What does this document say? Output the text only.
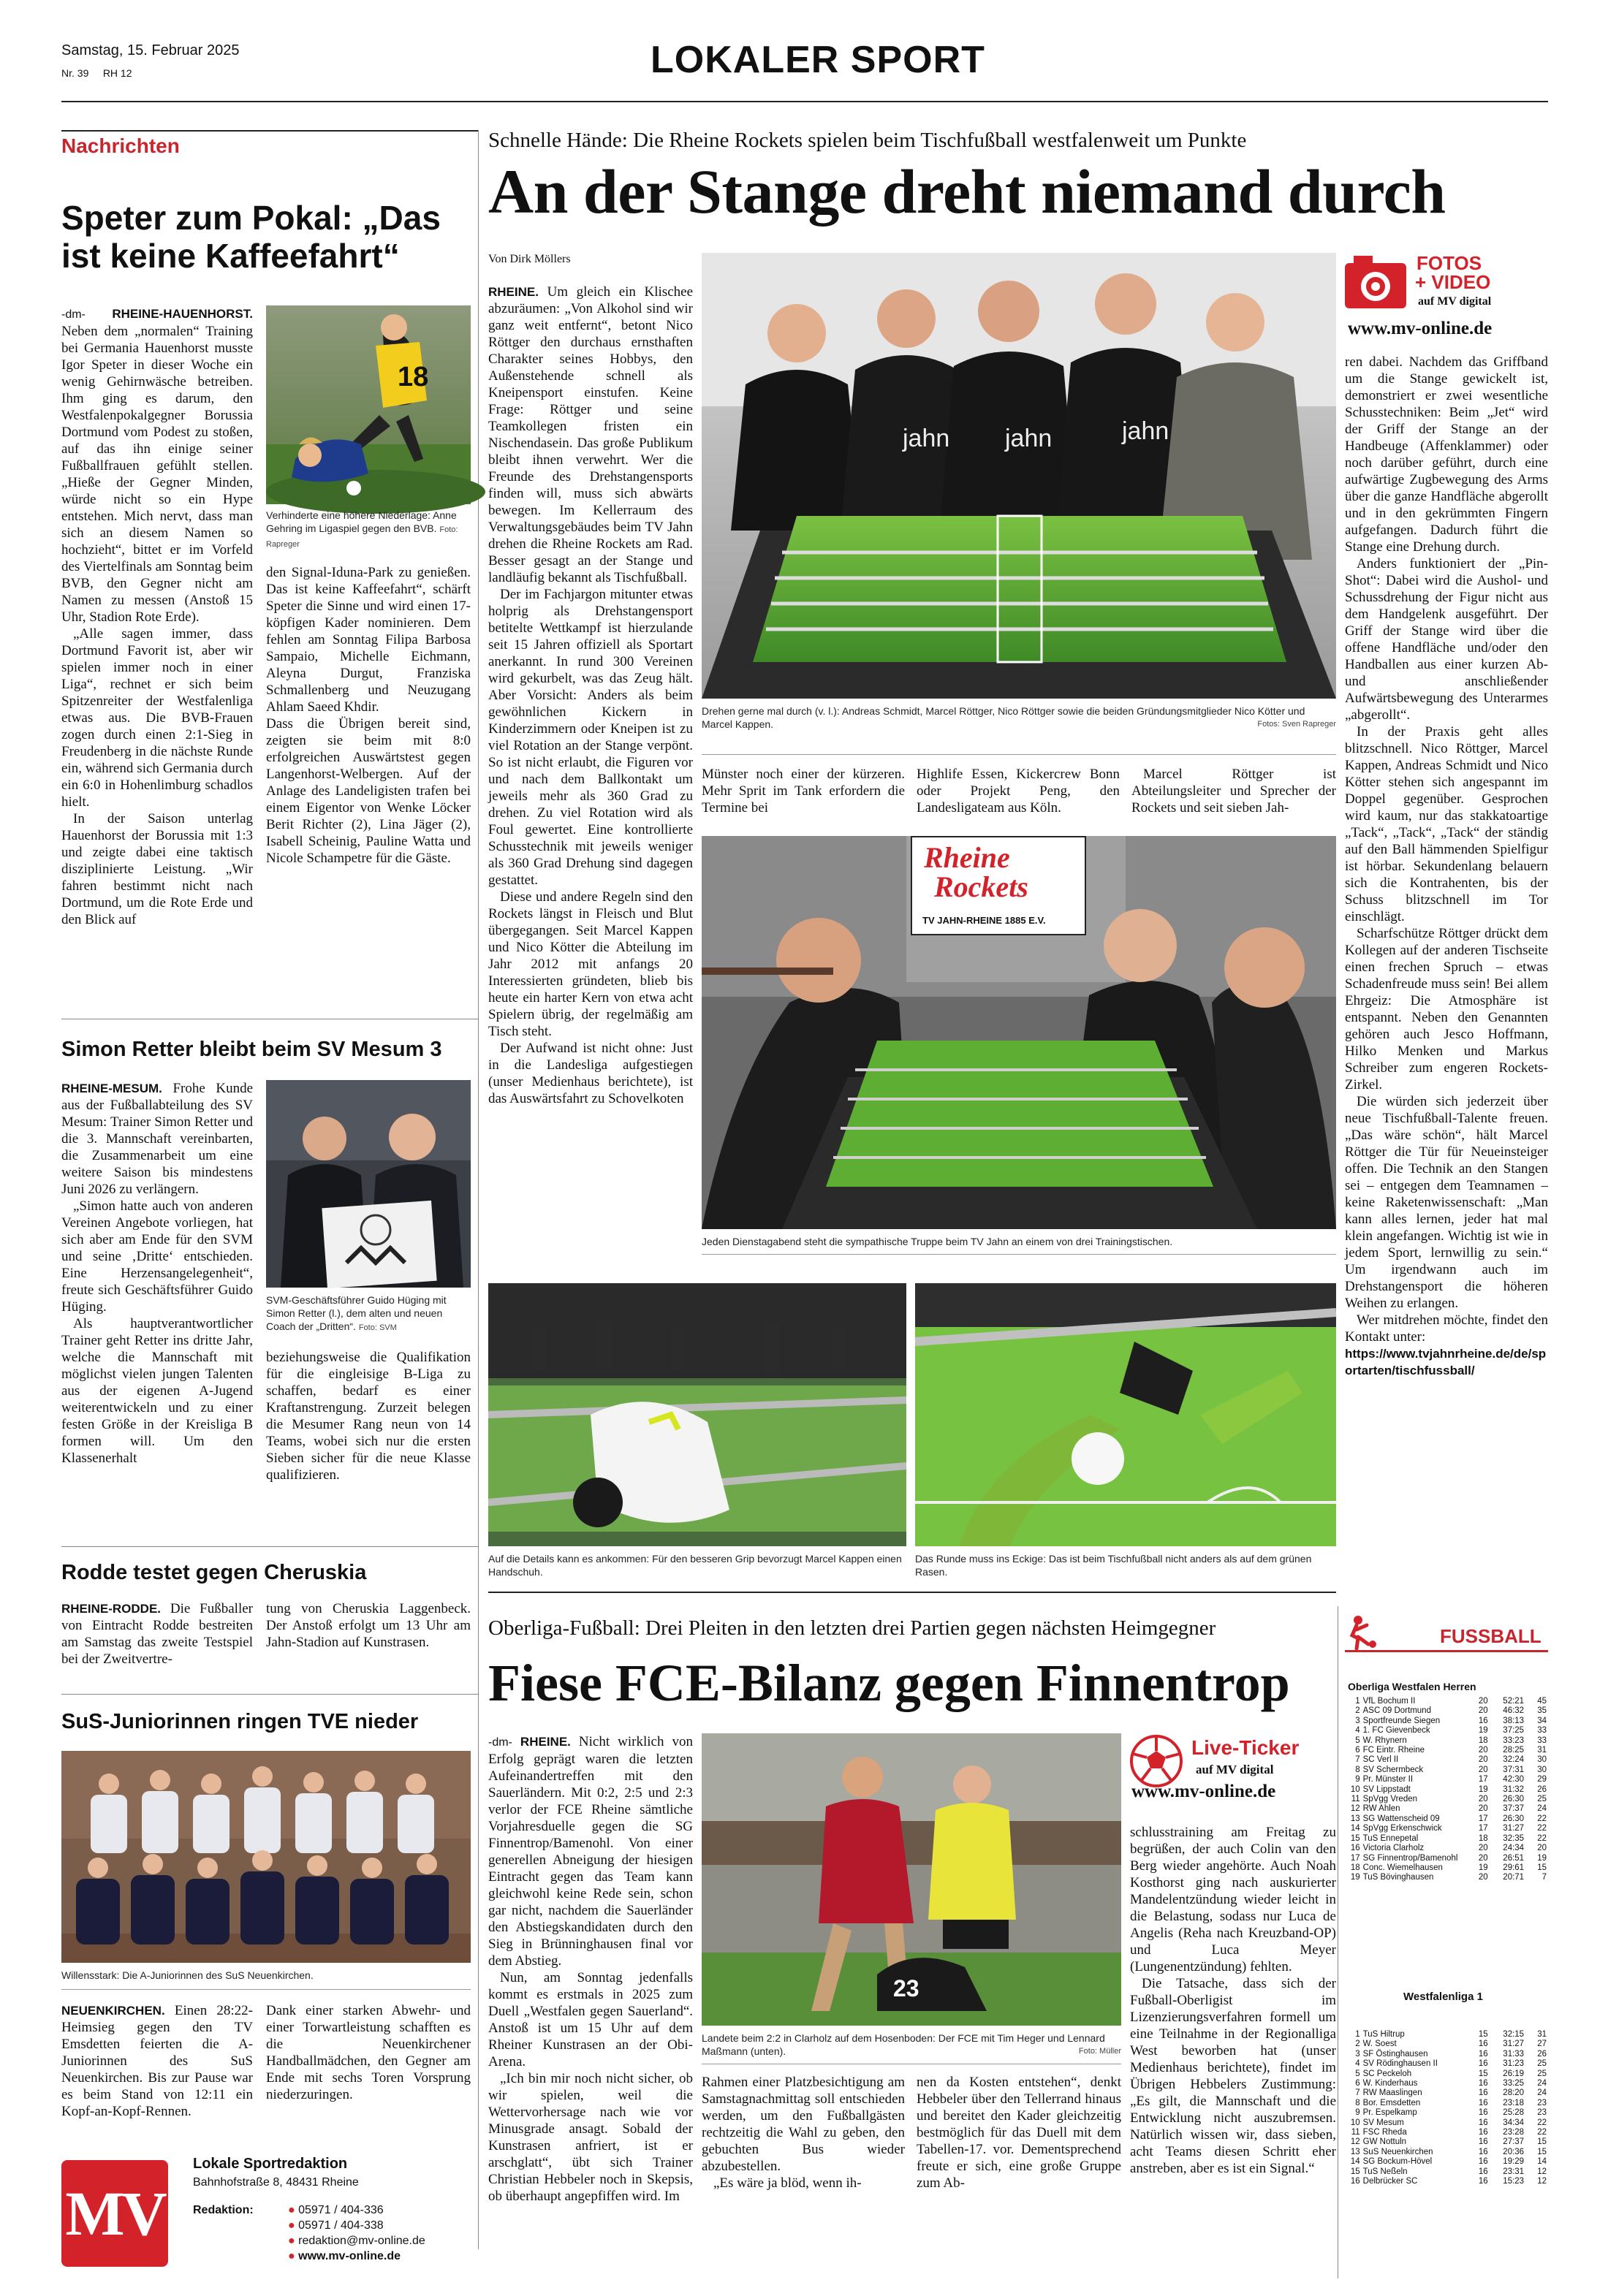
Samstag, 15. Februar 2025
Nr. 39 RH 12	LOKALER SPORT
Nachrichten
Speter zum Pokal: „Das ist keine Kaffeefahrt“

-dm- RHEINE-HAUENHORST. Neben dem „normalen“ Training bei Germania Hauenhorst musste Igor Speter in dieser Woche ein wenig Gehirnwäsche betreiben. Ihm ging es darum, den Westfalenpokalgegner Borussia Dortmund vom Podest zu stoßen, auf das ihn einige seiner Fußballfrauen gefühlt stellen. „Hieße der Gegner Minden, würde nicht so ein Hype entstehen. Mich nervt, dass man sich an diesem Namen so hochzieht“, bittet er im Vorfeld des Viertelfinals am Sonntag beim BVB, den Gegner nicht am Namen zu messen (Anstoß 15 Uhr, Stadion Rote Erde).

„Alle sagen immer, dass Dortmund Favorit ist, aber wir spielen immer noch in einer Liga“, rechnet er sich beim Spitzenreiter der Westfalenliga etwas aus. Die BVB-Frauen zogen durch einen 2:1-Sieg in Freudenberg in die nächste Runde ein, während sich Germania durch ein 6:0 in Hohenlimburg schadlos hielt.

In der Saison unterlag Hauenhorst der Borussia mit 1:3 und zeigte dabei eine taktisch disziplinierte Leistung. „Wir fahren bestimmt nicht nach Dortmund, um die Rote Erde und den Blick auf

18
Verhinderte eine höhere Niederlage: Anne Gehring im Ligaspiel gegen den BVB. Foto: Rapreger

den Signal-Iduna-Park zu genießen. Das ist keine Kaffeefahrt“, schärft Speter die Sinne und wird einen 17-köpfigen Kader nominieren. Dem fehlen am Sonntag Filipa Barbosa Sampaio, Michelle Eichmann, Aleyna Durgut, Franziska Schmallenberg und Neuzugang Ahlam Saeed Khdir.

Dass die Übrigen bereit sind, zeigten sie beim mit 8:0 erfolgreichen Auswärtstest gegen Langenhorst-Welbergen. Auf der Anlage des Landeligisten trafen bei einem Eigentor von Wenke Löcker Berit Richter (2), Lina Jäger (2), Isabell Scheinig, Pauline Watta und Nicole Schampetre für die Gäste.

Simon Retter bleibt beim SV Mesum 3

RHEINE-MESUM. Frohe Kunde aus der Fußballabteilung des SV Mesum: Trainer Simon Retter und die 3. Mannschaft vereinbarten, die Zusammenarbeit um eine weitere Saison bis mindestens Juni 2026 zu verlängern.

„Simon hatte auch von anderen Vereinen Angebote vorliegen, hat sich aber am Ende für den SVM und seine ‚Dritte‘ entschieden. Eine Herzensangelegenheit“, freute sich Geschäftsführer Guido Hüging.

Als hauptverantwortlicher Trainer geht Retter ins dritte Jahr, welche die Mannschaft mit möglichst vielen jungen Talenten aus der eigenen A-Jugend weiterentwickeln und zu einer festen Größe in der Kreisliga B formen will. Um den Klassenerhalt

SVM-Geschäftsführer Guido Hüging mit Simon Retter (l.), dem alten und neuen Coach der „Dritten“. Foto: SVM

beziehungsweise die Qualifikation für die eingleisige B-Liga zu schaffen, bedarf es einer Kraftanstrengung. Zurzeit belegen die Mesumer Rang neun von 14 Teams, wobei sich nur die ersten Sieben sicher für die neue Klasse qualifizieren.

Rodde testet gegen Cheruskia

RHEINE-RODDE. Die Fußballer von Eintracht Rodde bestreiten am Samstag das zweite Testspiel bei der Zweitvertre-

tung von Cheruskia Laggenbeck. Der Anstoß erfolgt um 13 Uhr am Jahn-Stadion auf Kunstrasen.

SuS-Juniorinnen ringen TVE nieder
Willensstark: Die A-Juniorinnen des SuS Neuenkirchen.

NEUENKIRCHEN. Einen 28:22-Heimsieg gegen den TV Emsdetten feierten die A-Juniorinnen des SuS Neuenkirchen. Bis zur Pause war es beim Stand von 12:11 ein Kopf-an-Kopf-Rennen.

Dank einer starken Abwehr- und einer Torwartleistung schafften es die Neuenkirchener Handballmädchen, den Gegner am Ende mit sechs Toren Vorsprung niederzuringen.

MV
Lokale Sportredaktion
Bahnhofstraße 8, 48431 Rheine
Redaktion:	● 05971 / 404-336
● 05971 / 404-338
● redaktion@mv-online.de
● www.mv-online.de
Schnelle Hände: Die Rheine Rockets spielen beim Tischfußball westfalenweit um Punkte
An der Stange dreht niemand durch
Von Dirk Möllers

RHEINE. Um gleich ein Klischee abzuräumen: „Von Alkohol sind wir ganz weit entfernt“, betont Nico Röttger den durchaus ernsthaften Charakter seines Hobbys, den Außenstehende schnell als Kneipensport einstufen. Keine Frage: Röttger und seine Teamkollegen fristen ein Nischendasein. Das große Publikum bleibt ihnen verwehrt. Wer die Freunde des Drehstangensports finden will, muss sich abwärts bewegen. Im Kellerraum des Verwaltungsgebäudes beim TV Jahn drehen die Rheine Rockets am Rad. Besser gesagt an der Stange und landläufig bekannt als Tischfußball.

Der im Fachjargon mitunter etwas holprig als Drehstangensport betitelte Wettkampf ist hierzulande seit 15 Jahren offiziell als Sportart anerkannt. In rund 300 Vereinen wird gekurbelt, was das Zeug hält. Aber Vorsicht: Anders als beim gewöhnlichen Kickern in Kinderzimmern oder Kneipen ist zu viel Rotation an der Stange verpönt. So ist nicht erlaubt, die Figuren vor und nach dem Ballkontakt um jeweils mehr als 360 Grad zu drehen. Zu viel Rotation wird als Foul gewertet. Eine kontrollierte Schusstechnik mit jeweils weniger als 360 Grad Drehung sind dagegen gestattet.

Diese und andere Regeln sind den Rockets längst in Fleisch und Blut übergegangen. Seit Marcel Kappen und Nico Kötter die Abteilung im Jahr 2012 mit anfangs 20 Interessierten gründeten, blieb bis heute ein harter Kern von etwa acht Spielern übrig, der regelmäßig am Tisch steht.

Der Aufwand ist nicht ohne: Just in die Landesliga aufgestiegen (unser Medienhaus berichtete), ist das Auswärtsfahrt zu Schovelkoten

jahn jahn	jahn
FOTOS
+ VIDEO
auf MV digital
www.mv-online.de
Drehen gerne mal durch (v. l.): Andreas Schmidt, Marcel Röttger, Nico Röttger sowie die beiden Gründungsmitglieder Nico Kötter und Marcel Kappen.	Fotos: Sven Rapreger
Münster noch einer der kürzeren. Mehr Sprit im Tank erfordern die Termine bei
Highlife Essen, Kickercrew Bonn oder Projekt Peng, den Landesligateam aus Köln.
Marcel Röttger ist Abteilungsleiter und Sprecher der Rockets und seit sieben Jah-
Rheine
Rockets
TV JAHN-RHEINE 1885 E.V.
Jeden Dienstagabend steht die sympathische Truppe beim TV Jahn an einem von drei Trainingstischen.
Auf die Details kann es ankommen: Für den besseren Grip bevorzugt Marcel Kappen einen Handschuh.
Das Runde muss ins Eckige: Das ist beim Tischfußball nicht anders als auf dem grünen Rasen.

ren dabei. Nachdem das Griffband um die Stange gewickelt ist, demonstriert er zwei wesentliche Schusstechniken: Beim „Jet“ wird der Griff der Stange an der Handbeuge (Affenklammer) oder noch darüber geführt, durch eine aufwärtige Zugbewegung des Arms über die ganze Handfläche abgerollt und in den gekrümmten Fingern aufgefangen. Dadurch führt die Stange eine Drehung durch.

Anders funktioniert der „Pin-Shot“: Dabei wird die Aushol- und Schussdrehung der Figur nicht aus dem Handgelenk ausgeführt. Der Griff der Stange wird über die offene Handfläche und/oder den Handballen aus einer kurzen Ab- und anschließender Aufwärtsbewegung des Unterarmes „abgerollt“.

In der Praxis geht alles blitzschnell. Nico Röttger, Marcel Kappen, Andreas Schmidt und Nico Kötter stehen sich angespannt im Doppel gegenüber. Gesprochen wird kaum, nur das stakkatoartige „Tack“, „Tack“, „Tack“ der ständig auf den Ball hämmenden Spielfigur ist hörbar. Sekundenlang belauern sich die Kontrahenten, bis der Schuss blitzschnell im Tor einschlägt.

Scharfschütze Röttger drückt dem Kollegen auf der anderen Tischseite einen frechen Spruch – etwas Schadenfreude muss sein! Bei allem Ehrgeiz: Die Atmosphäre ist entspannt. Neben den Genannten gehören auch Jesco Hoffmann, Hilko Menken und Markus Schreiber zum engeren Rockets-Zirkel.

Die würden sich jederzeit über neue Tischfußball-Talente freuen. „Das wäre schön“, hält Marcel Röttger die Tür für Neueinsteiger offen. Die Technik an den Stangen sei – entgegen dem Teamnamen – keine Raketenwissenschaft: „Man kann alles lernen, jeder hat mal klein angefangen. Wichtig ist wie in jedem Sport, lernwillig zu sein.“ Um irgendwann auch im Drehstangensport die höheren Weihen zu erlangen.

Wer mitdrehen möchte, findet den Kontakt unter:

https://www.tvjahnrheine.de/de/sportarten/tischfussball/

Oberliga-Fußball: Drei Pleiten in den letzten drei Partien gegen nächsten Heimgegner
Fiese FCE-Bilanz gegen Finnentrop

-dm- RHEINE. Nicht wirklich von Erfolg geprägt waren die letzten Aufeinandertreffen mit den Sauerländern. Mit 0:2, 2:5 und 2:3 verlor der FCE Rheine sämtliche Vorjahresduelle gegen die SG Finnentrop/Bamenohl. Von einer generellen Abneigung der hiesigen Eintracht gegen das Team kann gleichwohl keine Rede sein, schon gar nicht, nachdem die Sauerländer den Abstiegskandidaten durch den Sieg in Brünninghausen final vor dem Abstieg.

Nun, am Sonntag jedenfalls kommt es erstmals in 2025 zum Duell „Westfalen gegen Sauerland“. Anstoß ist um 15 Uhr auf dem Rheiner Kunstrasen an der Obi-Arena.

„Ich bin mir noch nicht sicher, ob wir spielen, weil die Wettervorhersage nach wie vor Minusgrade ansagt. Sobald der Kunstrasen anfriert, ist er arschglatt“, übt sich Trainer Christian Hebbeler noch in Skepsis, ob überhaupt angepfiffen wird. Im

23
Landete beim 2:2 in Clarholz auf dem Hosenboden: Der FCE mit Tim Heger und Lennard Maßmann (unten).	Foto: Müller
Live-Ticker
auf MV digital
www.mv-online.de

schlusstraining am Freitag zu begrüßen, der auch Colin van den Berg wieder angehörte. Auch Noah Kosthorst ging nach auskurierter Mandelentzündung wieder leicht in die Belastung, sodass nur Luca de Angelis (Reha nach Kreuzband-OP) und Luca Meyer (Lungenentzündung) fehlten.

Die Tatsache, dass sich der Fußball-Oberligist im Lizenzierungsverfahren formell um eine Teilnahme in der Regionalliga West beworben hat (unser Medienhaus berichtete), findet im Übrigen Hebbelers Zustimmung: „Es gilt, die Mannschaft und die Entwicklung nicht auszubremsen. Natürlich wissen wir, dass sieben, acht Teams diesen Schritt eher anstreben, aber es ist ein Signal.“

Rahmen einer Platzbesichtigung am Samstagnachmittag soll entschieden werden, um den Fußballgästen rechtzeitig die Wahl zu geben, den gebuchten Bus wieder abzubestellen.

„Es wäre ja blöd, wenn ih-

nen da Kosten entstehen“, denkt Hebbeler über den Tellerrand hinaus und bereitet den Kader gleichzeitig bestmöglich für das Duell mit dem Tabellen-17. vor. Dementsprechend freute er sich, eine große Gruppe zum Ab-

FUSSBALL
Oberliga Westfalen Herren
1	VfL Bochum II	20	52:21	45
2	ASC 09 Dortmund	20	46:32	35
3	Sportfreunde Siegen	16	38:13	34
4	1. FC Gievenbeck	19	37:25	33
5	W. Rhynern	18	33:23	33
6	FC Eintr. Rheine	20	28:25	31
7	SC Verl II	20	32:24	30
8	SV Schermbeck	20	37:31	30
9	Pr. Münster II	17	42:30	29
10	SV Lippstadt	19	31:32	26
11	SpVgg Vreden	20	26:30	25
12	RW Ahlen	20	37:37	24
13	SG Wattenscheid 09	17	26:30	22
14	SpVgg Erkenschwick	17	31:27	22
15	TuS Ennepetal	18	32:35	22
16	Victoria Clarholz	20	24:34	20
17	SG Finnentrop/Bamenohl	20	26:51	19
18	Conc. Wiemelhausen	19	29:61	15
19	TuS Bövinghausen	20	20:71	7
Westfalenliga 1
1	TuS Hiltrup	15	32:15	31
2	W. Soest	16	31:27	27
3	SF Östinghausen	16	31:33	26
4	SV Rödinghausen II	16	31:23	25
5	SC Peckeloh	15	26:19	25
6	W. Kinderhaus	16	33:25	24
7	RW Maaslingen	16	28:20	24
8	Bor. Emsdetten	16	23:18	23
9	Pr. Espelkamp	16	25:28	23
10	SV Mesum	16	34:34	22
11	FSC Rheda	16	23:28	22
12	GW Nottuln	16	27:37	15
13	SuS Neuenkirchen	16	20:36	15
14	SG Bockum-Hövel	16	19:29	14
15	TuS Neßeln	16	23:31	12
16	Delbrücker SC	16	15:23	12
